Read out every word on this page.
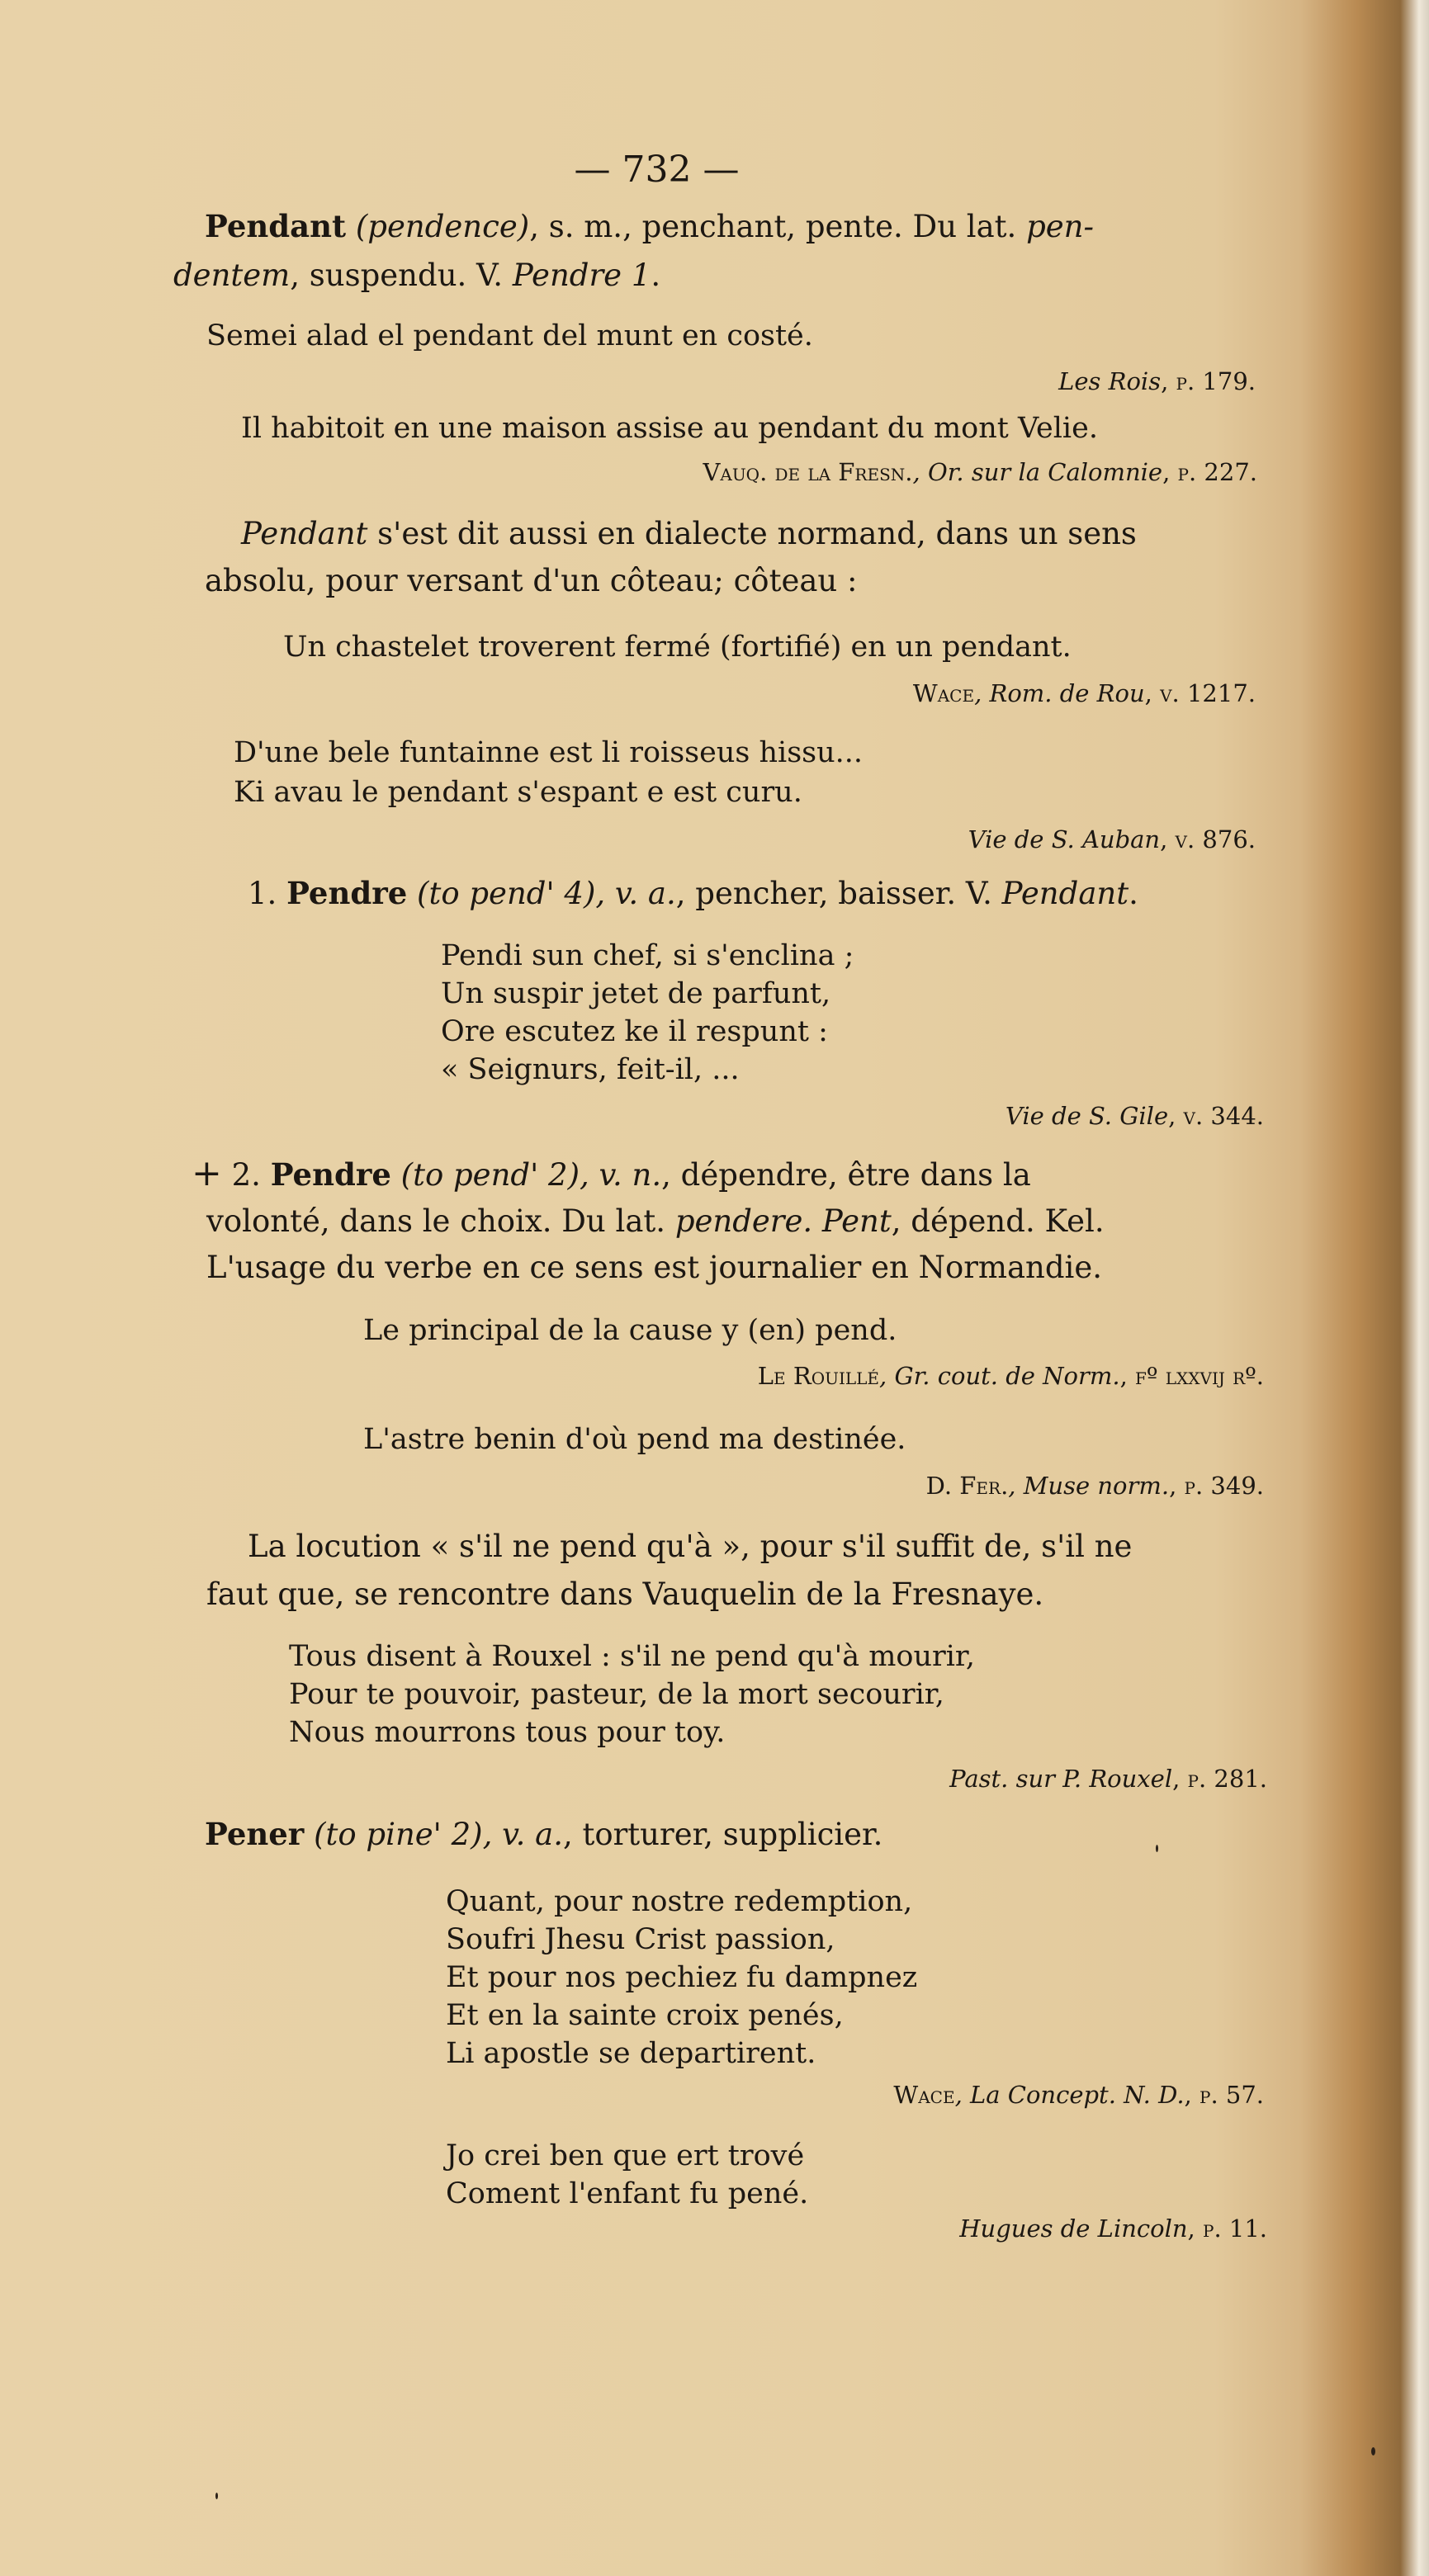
— 732 —
Pendant (pendence), s. m., penchant, pente. Du lat. pen-
dentem, suspendu. V. Pendre 1.
Semei alad el pendant del munt en costé.
Les Rois, p. 179.
Il habitoit en une maison assise au pendant du mont Velie.
Vauq. de la Fresn., Or. sur la Calomnie, p. 227.
Pendant s'est dit aussi en dialecte normand, dans un sens
absolu, pour versant d'un côteau; côteau :
Un chastelet troverent fermé (fortifié) en un pendant.
Wace, Rom. de Rou, v. 1217.
D'une bele funtainne est li roisseus hissu...
Ki avau le pendant s'espant e est curu.
Vie de S. Auban, v. 876.
1. Pendre (to pend' 4), v. a., pencher, baisser. V. Pendant.
Pendi sun chef, si s'enclina ;
Un suspir jetet de parfunt,
Ore escutez ke il respunt :
« Seignurs, feit-il, ...
Vie de S. Gile, v. 344.
+ 2. Pendre (to pend' 2), v. n., dépendre, être dans la
volonté, dans le choix. Du lat. pendere. Pent, dépend. Kel.
L'usage du verbe en ce sens est journalier en Normandie.
Le principal de la cause y (en) pend.
Le Rouillé, Gr. cout. de Norm., fº lxxvij rº.
L'astre benin d'où pend ma destinée.
D. Fer., Muse norm., p. 349.
La locution « s'il ne pend qu'à », pour s'il suffit de, s'il ne
faut que, se rencontre dans Vauquelin de la Fresnaye.
Tous disent à Rouxel : s'il ne pend qu'à mourir,
Pour te pouvoir, pasteur, de la mort secourir,
Nous mourrons tous pour toy.
Past. sur P. Rouxel, p. 281.
Pener (to pine' 2), v. a., torturer, supplicier.
Quant, pour nostre redemption,
Soufri Jhesu Crist passion,
Et pour nos pechiez fu dampnez
Et en la sainte croix penés,
Li apostle se departirent.
Wace, La Concept. N. D., p. 57.
Jo crei ben que ert trové
Coment l'enfant fu pené.
Hugues de Lincoln, p. 11.
